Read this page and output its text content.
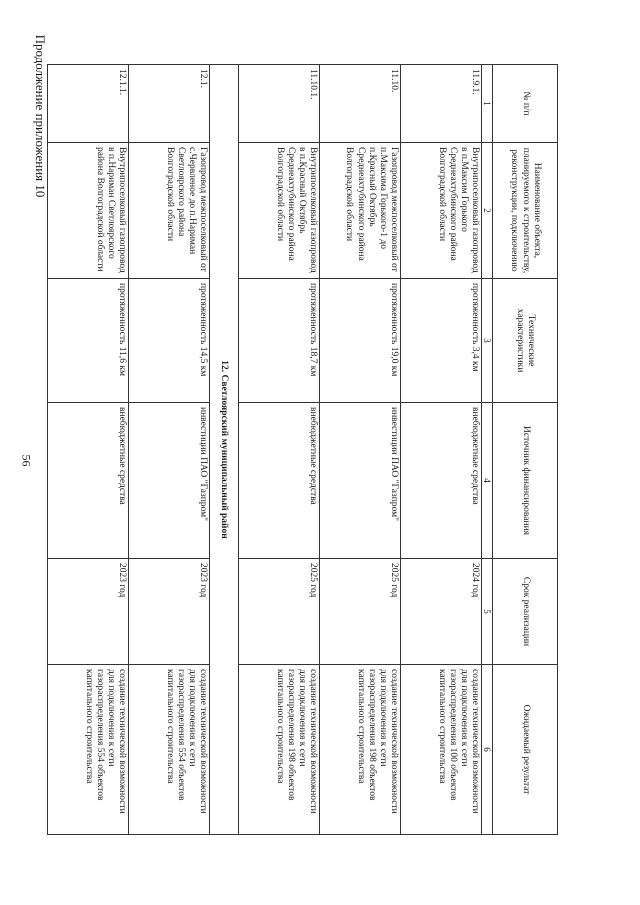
56
Продолжение приложения 10	№ п/п	Наименование объекта, планируемого к строительству, реконструкции, подключению	Технические характеристики	Источник финансирования	Срок реализации	Ожидаемый результат
1	2	3	4	5	6
11.9.1.	Внутрипоселковый газопровод в п.Максим Горького Среднеахтубинского района Волгоградской области	протяженность 3,4 км	внебюджетные средства	2024 год	создание технической возможности для подключения к сети газораспределения 100 объектов капитального строительства
11.10.	Газопровод межпоселковый от п.Максима Горького-1 до п.Красный Октябрь Среднеахтубинского района Волгоградской области	протяженность 19,0 км	инвестиции ПАО "Газпром"	2025 год	создание технической возможности для подключения к сети газораспределения 198 объектов капитального строительства
11.10.1.	Внутрипоселковый газопровод в п.Красный Октябрь Среднеахтубинского района Волгоградской области	протяженность 18,7 км	внебюджетные средства	2025 год	создание технической возможности для подключения к сети газораспределения 198 объектов капитального строительства
12. Светлоярский муниципальный район					
12.1.	Газопровод межпоселковый от с.Червленое до п.Нариман Светлоярского района Волгоградской области	протяженность 14,5 км	инвестиции ПАО "Газпром"	2023 год	создание технической возможности для подключения к сети газораспределения 554 объектов капитального строительства
12.1.1.	Внутрипоселковый газопровод в п.Нариман Светлоярского района Волгоградской области	протяженность 11,6 км	внебюджетные средства	2023 год	создание технической возможности для подключения к сети газораспределения 554 объектов капитального строительства
